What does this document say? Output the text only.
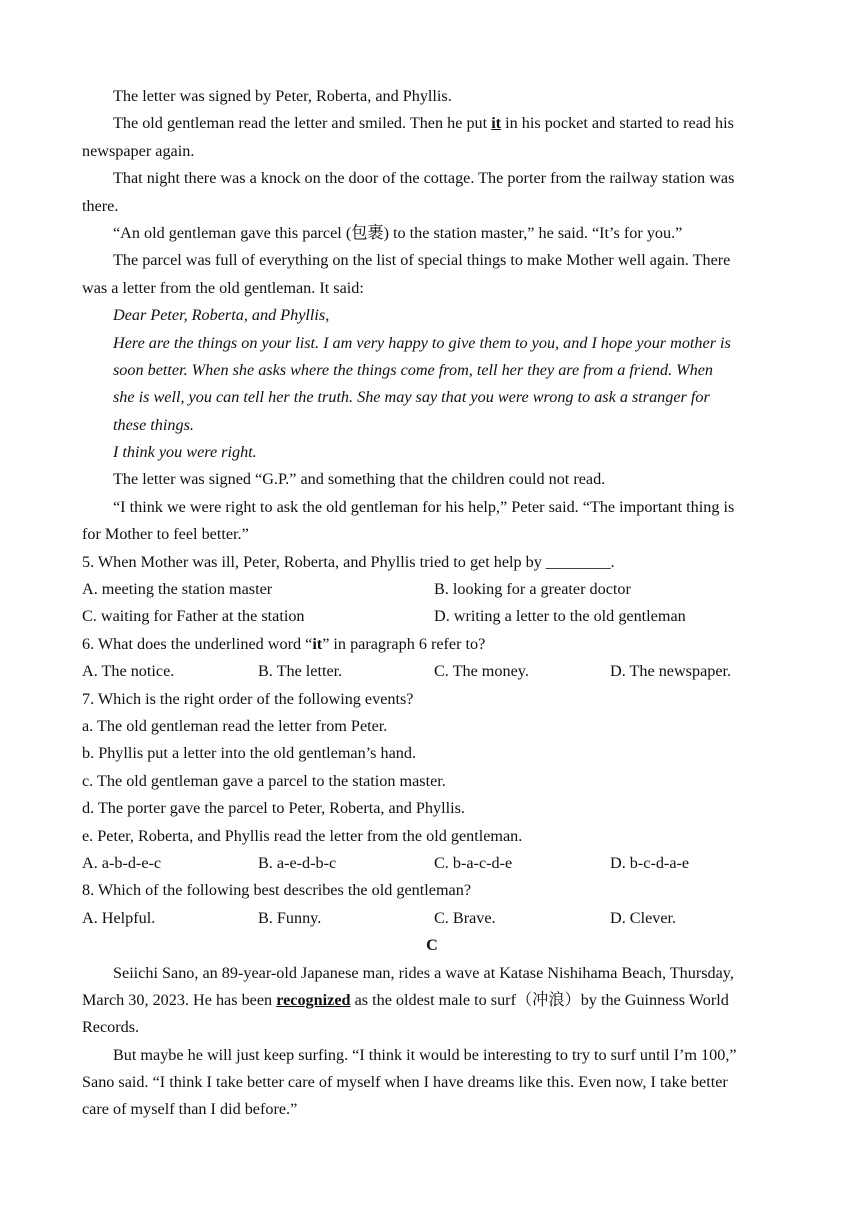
The letter was signed by Peter, Roberta, and Phyllis.
The old gentleman read the letter and smiled. Then he put it in his pocket and started to read his
newspaper again.
That night there was a knock on the door of the cottage. The porter from the railway station was
there.
“An old gentleman gave this parcel (包裹) to the station master,” he said. “It’s for you.”
The parcel was full of everything on the list of special things to make Mother well again. There
was a letter from the old gentleman. It said:
Dear Peter, Roberta, and Phyllis,
Here are the things on your list. I am very happy to give them to you, and I hope your mother is
soon better. When she asks where the things come from, tell her they are from a friend. When
she is well, you can tell her the truth. She may say that you were wrong to ask a stranger for
these things.
I think you were right.
The letter was signed “G.P.” and something that the children could not read.
“I think we were right to ask the old gentleman for his help,” Peter said. “The important thing is
for Mother to feel better.”
5. When Mother was ill, Peter, Roberta, and Phyllis tried to get help by ________.
A. meeting the station master	B. looking for a greater doctor
C. waiting for Father at the station	D. writing a letter to the old gentleman
6. What does the underlined word “it” in paragraph 6 refer to?
A. The notice.	B. The letter.	C. The money.	D. The newspaper.
7. Which is the right order of the following events?
a. The old gentleman read the letter from Peter.
b. Phyllis put a letter into the old gentleman’s hand.
c. The old gentleman gave a parcel to the station master.
d. The porter gave the parcel to Peter, Roberta, and Phyllis.
e. Peter, Roberta, and Phyllis read the letter from the old gentleman.
A. a-b-d-e-c	B. a-e-d-b-c	C. b-a-c-d-e	D. b-c-d-a-e
8. Which of the following best describes the old gentleman?
A. Helpful.	B. Funny.	C. Brave.	D. Clever.
C
Seiichi Sano, an 89-year-old Japanese man, rides a wave at Katase Nishihama Beach, Thursday,
March 30, 2023. He has been recognized as the oldest male to surf（冲浪）by the Guinness World
Records.
But maybe he will just keep surfing. “I think it would be interesting to try to surf until I’m 100,”
Sano said. “I think I take better care of myself when I have dreams like this. Even now, I take better
care of myself than I did before.”
